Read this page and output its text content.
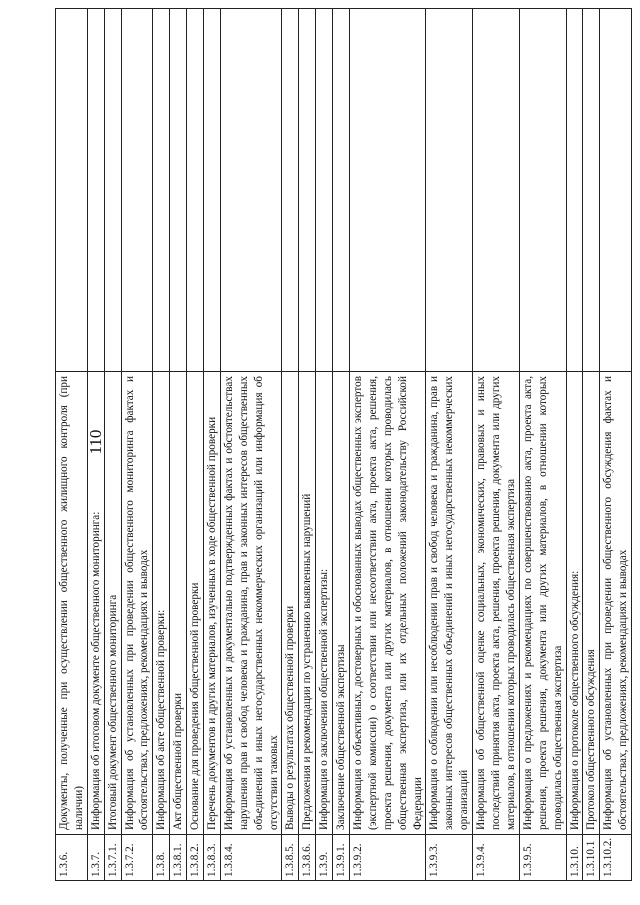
110
1.3.6.	Документы, полученные при осуществлении общественного жилищного контроля (при наличии)	
1.3.7.	Информация об итоговом документе общественного мониторинга:	
1.3.7.1.	Итоговый документ общественного мониторинга	
1.3.7.2.	Информация об установленных при проведении общественного мониторинга фактах и обстоятельствах, предложениях, рекомендациях и выводах	
1.3.8.	Информация об акте общественной проверки:	
1.3.8.1.	Акт общественной проверки	
1.3.8.2.	Основание для проведения общественной проверки	
1.3.8.3.	Перечень документов и других материалов, изученных в ходе общественной проверки	
1.3.8.4.	Информация об установленных и документально подтвержденных фактах и обстоятельствах нарушения прав и свобод человека и гражданина, прав и законных интересов общественных объединений и иных негосударственных некоммерческих организаций или информация об отсутствии таковых	
1.3.8.5.	Выводы о результатах общественной проверки	
1.3.8.6.	Предложения и рекомендации по устранению выявленных нарушений	
1.3.9.	Информация о заключении общественной экспертизы:	
1.3.9.1.	Заключение общественной экспертизы	
1.3.9.2.	Информация о объективных, достоверных и обоснованных выводах общественных экспертов (экспертной комиссии) о соответствии или несоответствии акта, проекта акта, решения, проекта решения, документа или других материалов, в отношении которых проводилась общественная экспертиза, или их отдельных положений законодательству Российской Федерации	
1.3.9.3.	Информация о соблюдении или несоблюдении прав и свобод человека и гражданина, прав и законных интересов общественных объединений и иных негосударственных некоммерческих организаций	
1.3.9.4.	Информация об общественной оценке социальных, экономических, правовых и иных последствий принятия акта, проекта акта, решения, проекта решения, документа или других материалов, в отношении которых проводилась общественная экспертиза	
1.3.9.5.	Информация о предложениях и рекомендациях по совершенствованию акта, проекта акта, решения, проекта решения, документа или других материалов, в отношении которых проводилась общественная экспертиза	
1.3.10.	Информация о протоколе общественного обсуждения:	
1.3.10.1	Протокол общественного обсуждения	
1.3.10.2.	Информация об установленных при проведении общественного обсуждения фактах и обстоятельствах, предложениях, рекомендациях и выводах	
